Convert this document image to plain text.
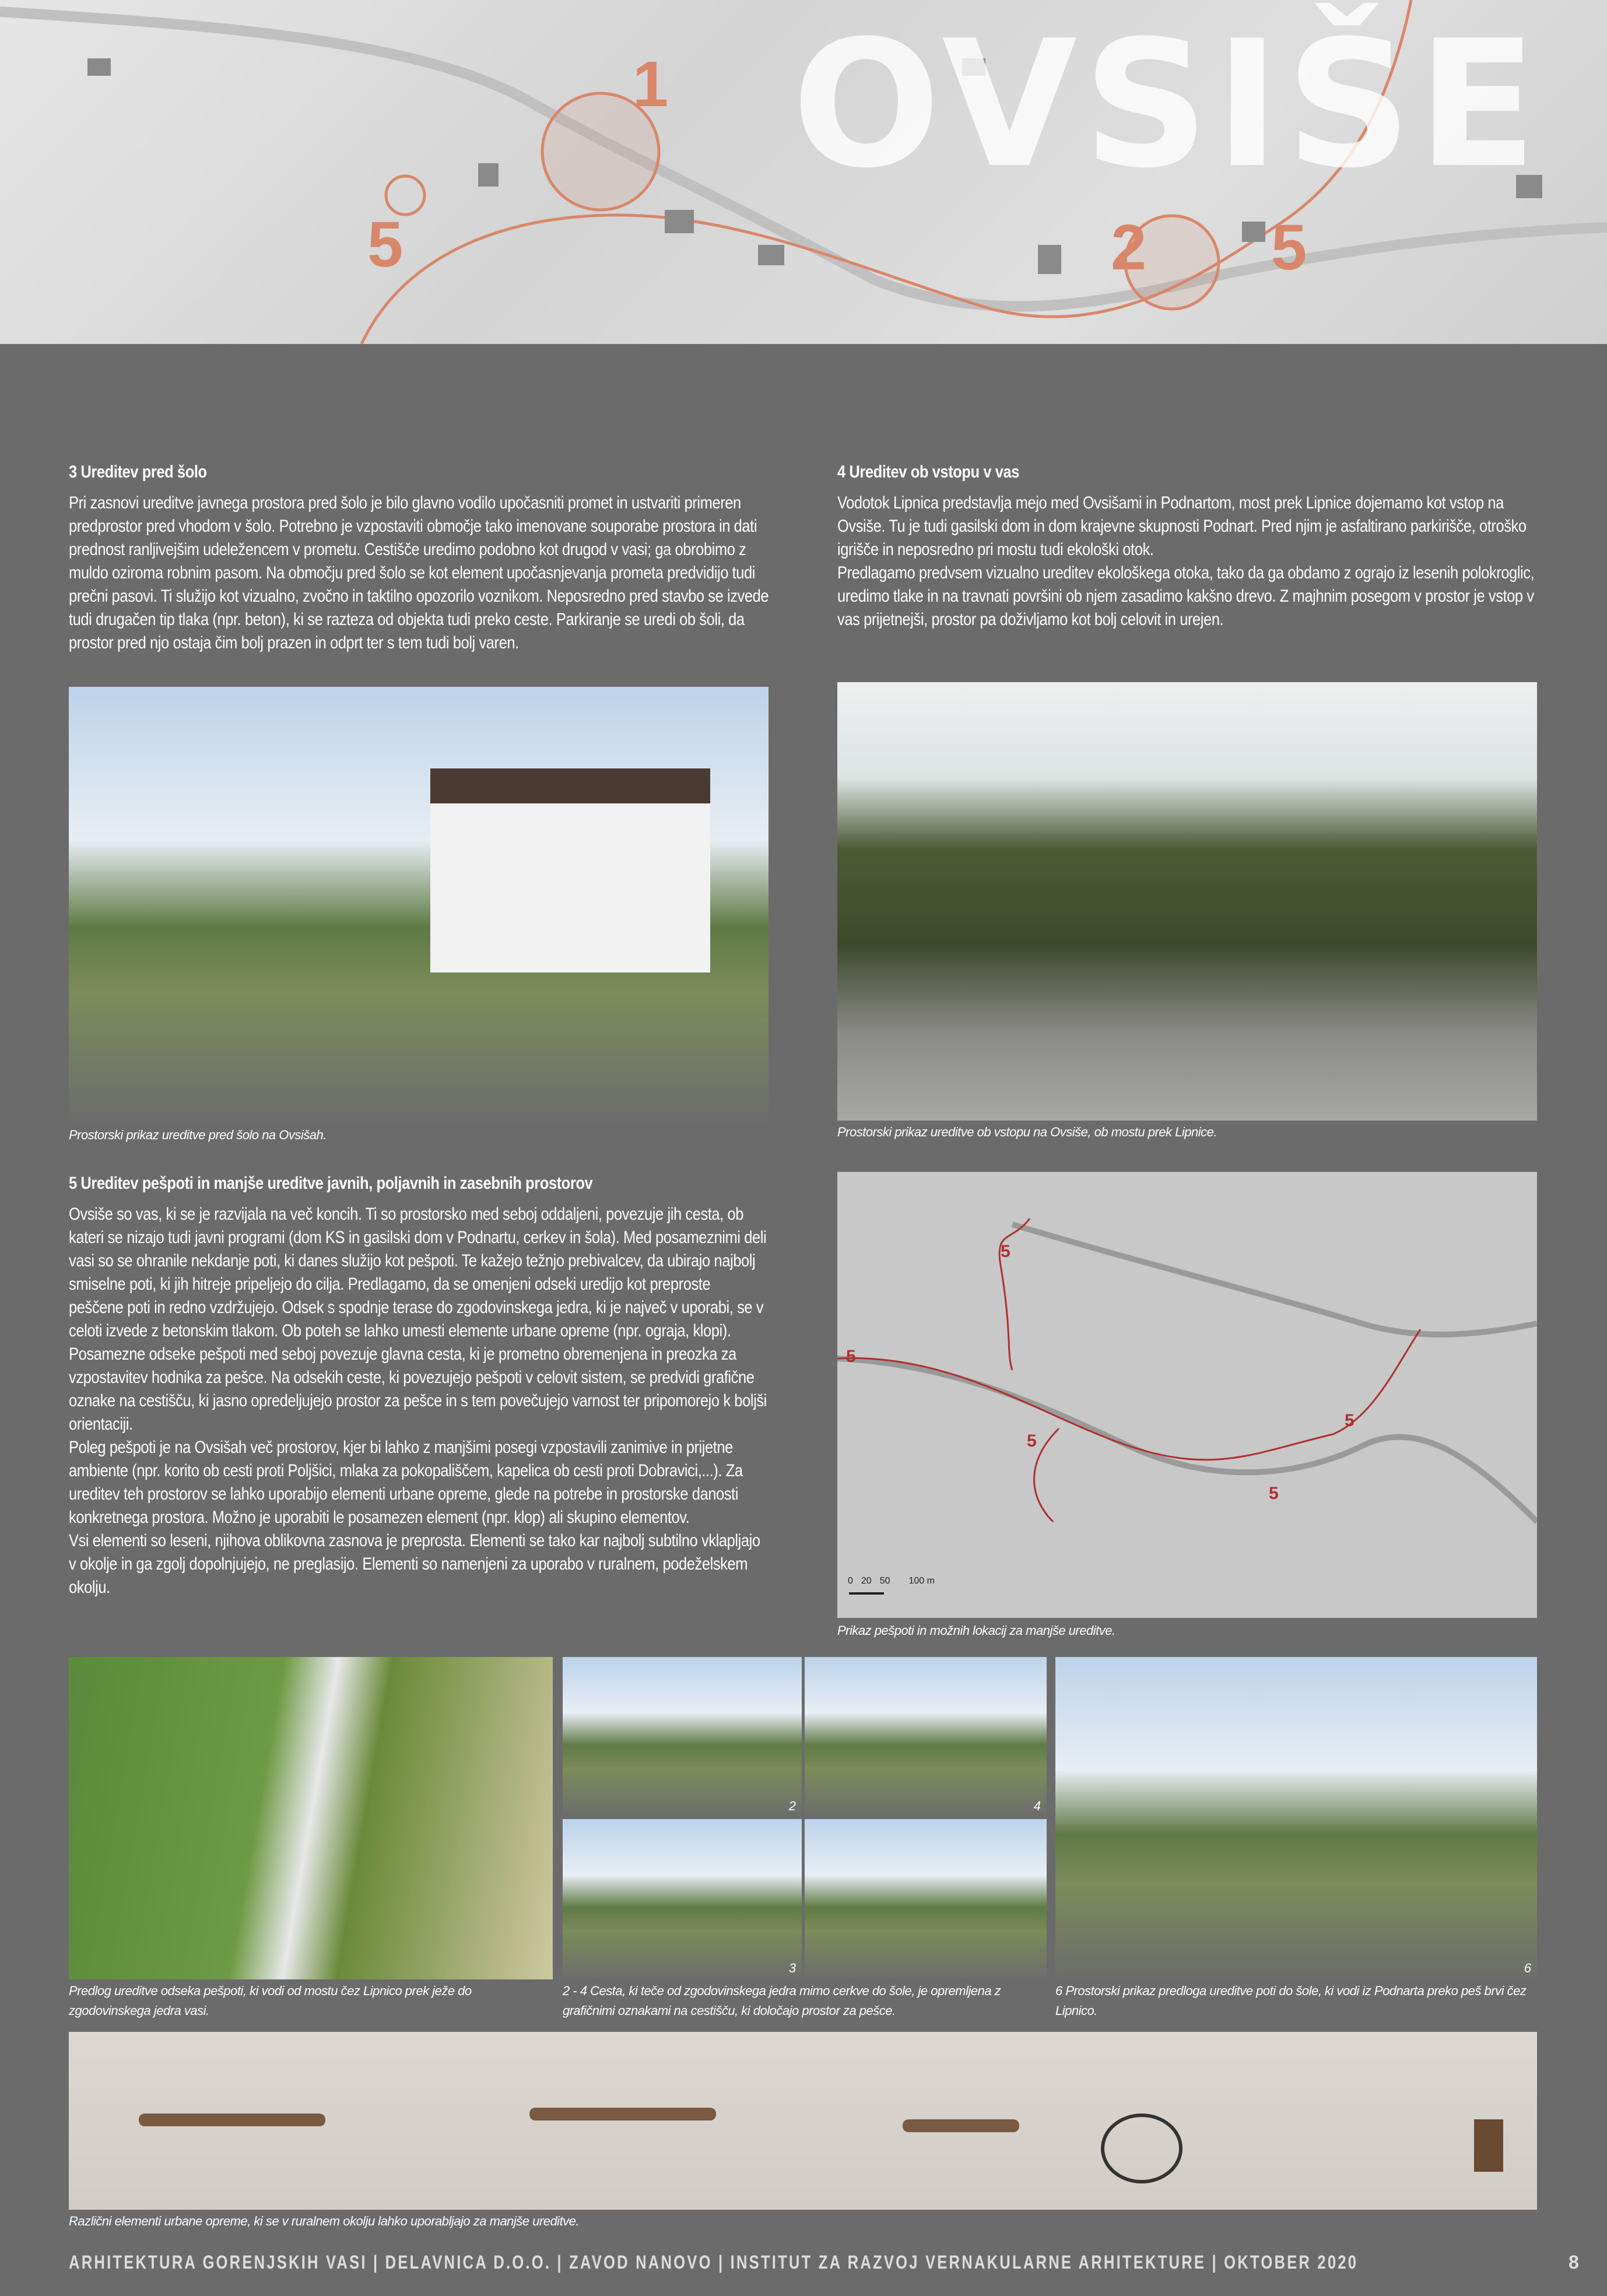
1
2
5	5
OVSIŠE
3 Ureditev pred šolo

Pri zasnovi ureditve javnega prostora pred šolo je bilo glavno vodilo upočasniti promet in ustvariti primeren predprostor pred vhodom v šolo. Potrebno je vzpostaviti območje tako imenovane souporabe prostora in dati prednost ranljivejšim udeležencem v prometu. Cestišče uredimo podobno kot drugod v vasi; ga obrobimo z muldo oziroma robnim pasom. Na območju pred šolo se kot element upočasnjevanja prometa predvidijo tudi prečni pasovi. Ti služijo kot vizualno, zvočno in taktilno opozorilo voznikom. Neposredno pred stavbo se izvede tudi drugačen tip tlaka (npr. beton), ki se razteza od objekta tudi preko ceste. Parkiranje se uredi ob šoli, da prostor pred njo ostaja čim bolj prazen in odprt ter s tem tudi bolj varen.

Prostorski prikaz ureditve pred šolo na Ovsišah.
4 Ureditev ob vstopu v vas

Vodotok Lipnica predstavlja mejo med Ovsišami in Podnartom, most prek Lipnice dojemamo kot vstop na Ovsiše. Tu je tudi gasilski dom in dom krajevne skupnosti Podnart. Pred njim je asfaltirano parkirišče, otroško igrišče in neposredno pri mostu tudi ekološki otok.

Predlagamo predvsem vizualno ureditev ekološkega otoka, tako da ga obdamo z ograjo iz lesenih polokroglic, uredimo tlake in na travnati površini ob njem zasadimo kakšno drevo. Z majhnim posegom v prostor je vstop v vas prijetnejši, prostor pa doživljamo kot bolj celovit in urejen.

Prostorski prikaz ureditve ob vstopu na Ovsiše, ob mostu prek Lipnice.
5 Ureditev pešpoti in manjše ureditve javnih, poljavnih in zasebnih prostorov

Ovsiše so vas, ki se je razvijala na več koncih. Ti so prostorsko med seboj oddaljeni, povezuje jih cesta, ob kateri se nizajo tudi javni programi (dom KS in gasilski dom v Podnartu, cerkev in šola). Med posameznimi deli vasi so se ohranile nekdanje poti, ki danes služijo kot pešpoti. Te kažejo težnjo prebivalcev, da ubirajo najbolj smiselne poti, ki jih hitreje pripeljejo do cilja. Predlagamo, da se omenjeni odseki uredijo kot preproste peščene poti in redno vzdržujejo. Odsek s spodnje terase do zgodovinskega jedra, ki je največ v uporabi, se v celoti izvede z betonskim tlakom. Ob poteh se lahko umesti elemente urbane opreme (npr. ograja, klopi). Posamezne odseke pešpoti med seboj povezuje glavna cesta, ki je prometno obremenjena in preozka za vzpostavitev hodnika za pešce. Na odsekih ceste, ki povezujejo pešpoti v celovit sistem, se predvidi grafične oznake na cestišču, ki jasno opredeljujejo prostor za pešce in s tem povečujejo varnost ter pripomorejo k boljši orientaciji.

Poleg pešpoti je na Ovsišah več prostorov, kjer bi lahko z manjšimi posegi vzpostavili zanimive in prijetne ambiente (npr. korito ob cesti proti Poljšici, mlaka za pokopališčem, kapelica ob cesti proti Dobravici,...). Za ureditev teh prostorov se lahko uporabijo elementi urbane opreme, glede na potrebe in prostorske danosti konkretnega prostora. Možno je uporabiti le posamezen element (npr. klop) ali skupino elementov.

Vsi elementi so leseni, njihova oblikovna zasnova je preprosta. Elementi se tako kar najbolj subtilno vklapljajo v okolje in ga zgolj dopolnjujejo, ne preglasijo. Elementi so namenjeni za uporabo v ruralnem, podeželskem okolju.

5
5
5
5
5
0 20 50 100 m
Prikaz pešpoti in možnih lokacij za manjše ureditve.
2	4
3	6
Predlog ureditve odseka pešpoti, ki vodi od mostu čez Lipnico prek ježe do zgodovinskega jedra vasi.
2 - 4 Cesta, ki teče od zgodovinskega jedra mimo cerkve do šole, je opremljena z grafičnimi oznakami na cestišču, ki določajo prostor za pešce.
6 Prostorski prikaz predloga ureditve poti do šole, ki vodi iz Podnarta preko peš brvi čez Lipnico.
Različni elementi urbane opreme, ki se v ruralnem okolju lahko uporabljajo za manjše ureditve.
ARHITEKTURA GORENJSKIH VASI | DELAVNICA D.O.O. | ZAVOD NANOVO | INSTITUT ZA RAZVOJ VERNAKULARNE ARHITEKTURE | OKTOBER 2020	8
